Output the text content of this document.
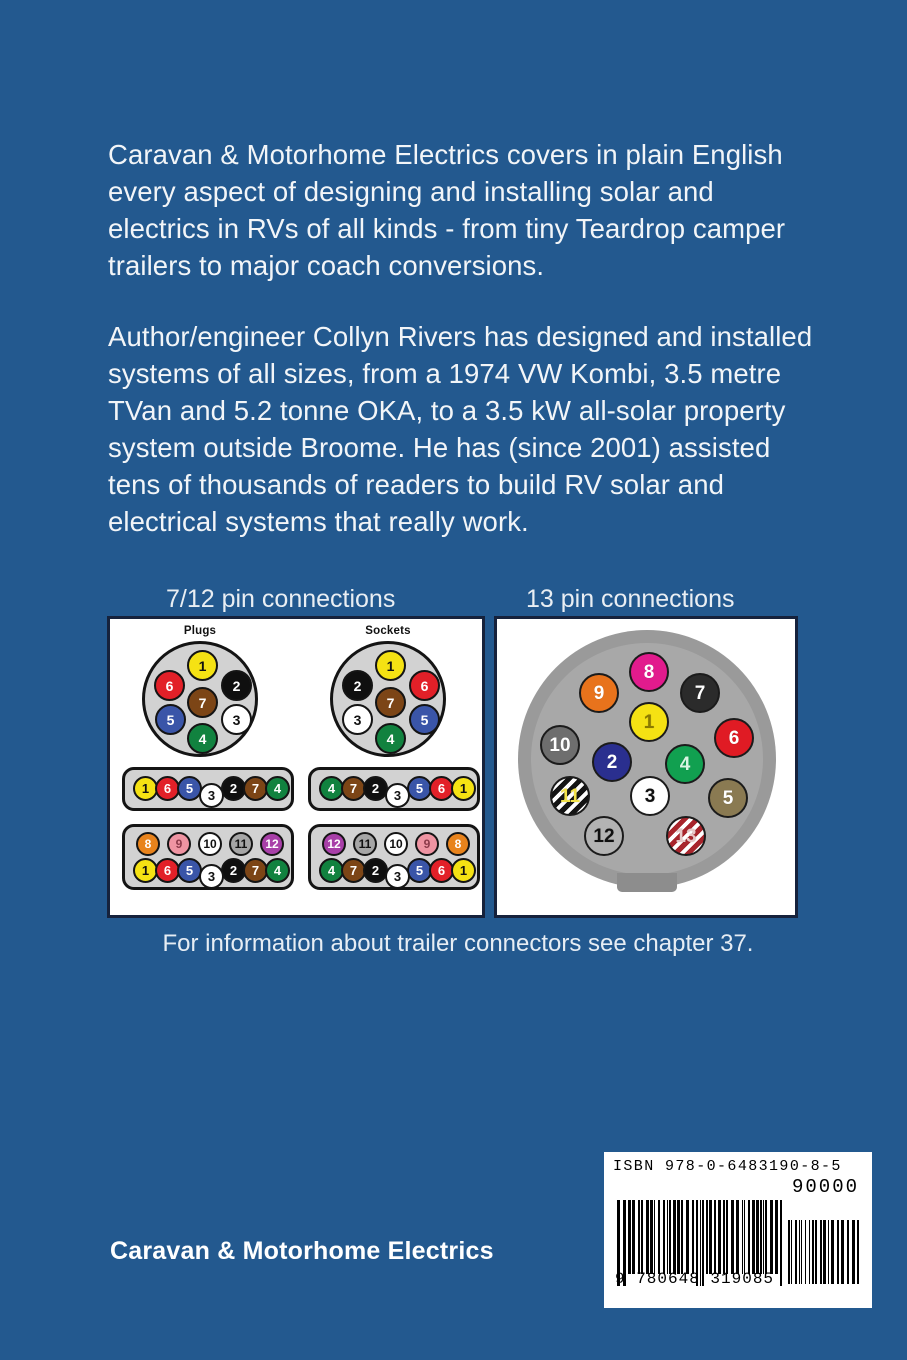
Caravan & Motorhome Electrics covers in plain English every aspect of designing and installing solar and electrics in RVs of all kinds - from tiny Teardrop camper trailers to major coach conversions.
Author/engineer Collyn Rivers has designed and installed systems of all sizes, from a 1974 VW Kombi, 3.5 metre TVan and 5.2 tonne OKA, to a 3.5 kW all-solar property system outside Broome. He has (since 2001) assisted tens of thousands of readers to build RV solar and electrical systems that really work.
7/12 pin connections	13 pin connections
Plugs	Sockets
1
2
3
4
5
6
7
1
2
3
4
5
6
7
1	6	5	3	2	7	4	4	7	2	3	5	6	1
8	9	10	11	12
1	6	5	3	2	7	4
12	11	10	9	8
4	7	2	3	5	6	1
1
2
3
4
5
6
7
8
9
10
11
12	13
For information about trailer connectors see chapter 37.
Caravan & Motorhome Electrics
ISBN 978-0-6483190-8-5
90000
9 780648 319085
